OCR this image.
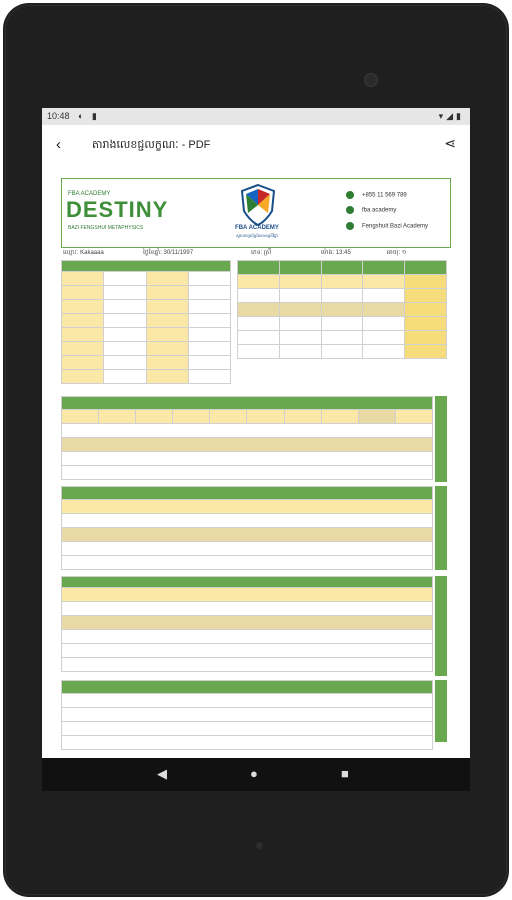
10:48 ◐ ▮	▾◢▮
‹	តារាងលេខជ្ជលក្ខណៈ - PDF	⋖
FBA ACADEMY
DESTINY
BAZI FENGSHUI METAPHYSICS	FBA ACADEMY
ស្ថាបនាប្រព័ន្ធដែនទស្សន៍វិជ្ជា
+855 11 569 789
fba academy
Fengshuit Bazi Academy
ឈ្មោះ: Kakaaaa	ថ្ងៃខែឆ្នាំ: 30/11/1997	ភេទ: ស្រី	ម៉ោង: 13:45	អាយុ: ១

◀	●	■
